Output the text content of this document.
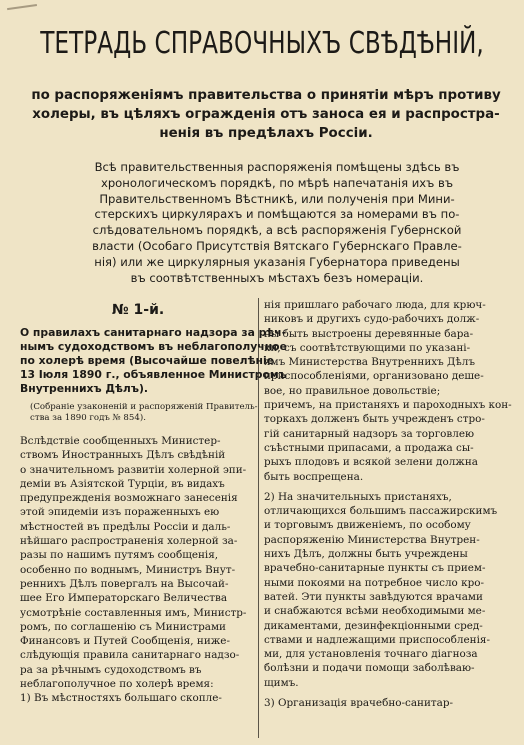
ТЕТРАДЬ СПРАВОЧНЫХЪ СВѢДѢНІЙ,
по распоряженіямъ правительства о принятіи мѣръ противу
холеры, въ цѣляхъ огражденія отъ заноса ея и распростра-
ненія въ предѣлахъ Россіи.
Всѣ правительственныя распоряженія помѣщены здѣсь въ
хронологическомъ порядкѣ, по мѣрѣ напечатанія ихъ въ
Правительственномъ Вѣстникѣ, или полученія при Мини-
стерскихъ циркулярахъ и помѣщаются за номерами въ по-
слѣдовательномъ порядкѣ, а всѣ распоряженія Губернской
власти (Особаго Присутствія Вятскаго Губернскаго Правле-
нія) или же циркулярныя указанія Губернатора приведены
въ соотвѣтственныхъ мѣстахъ безъ номераціи.
№ 1-й.
О правилахъ санитарнаго надзора за рѣч-
нымъ судоходствомъ въ неблагополучное
по холерѣ время (Высочайше повелѣніе
13 Іюля 1890 г., объявленное Министромъ
Внутреннихъ Дѣлъ).
(Собраніе узаконеній и распоряженій Правитель-
ства за 1890 годъ № 854).
Вслѣдствіе сообщенныхъ Министер-
ствомъ Иностранныхъ Дѣлъ свѣдѣній
о значительномъ развитіи холерной эпи-
деміи въ Азіятской Турціи, въ видахъ
предупрежденія возможнаго занесенія
этой эпидеміи изъ пораженныхъ ею
мѣстностей въ предѣлы Россіи и даль-
нѣйшаго распространенія холерной за-
разы по нашимъ путямъ сообщенія,
особенно по воднымъ, Министръ Внут-
реннихъ Дѣлъ повергалъ на Высочай-
шее Его Императорскаго Величества
усмотрѣніе составленныя имъ, Министр-
ромъ, по соглашенію съ Министрами
Финансовъ и Путей Сообщенія, нижe-
слѣдующія правила санитарнаго надзо-
ра за рѣчнымъ судоходствомъ въ
неблагополучное по холерѣ время:
1) Въ мѣстностяхъ большаго скопле-
нія пришлаго рабочаго люда, для крюч-
никовъ и другихъ судо-рабочихъ долж-
ны быть выстроены деревянные бара-
ки, съ соотвѣтствующими по указані-
ямъ Министерства Внутреннихъ Дѣлъ
приспособленіями, организовано деше-
вое, но правильное довольствіе;
причемъ, на пристаняхъ и пароходныхъ кон-
торкахъ долженъ быть учрежденъ стро-
гій санитарный надзоръ за торговлею
съѣстными припасами, а продажа сы-
рыхъ плодовъ и всякой зелени должна
быть воспрещена.
2) На значительныхъ пристаняхъ,
отличающихся большимъ пассажирскимъ
и торговымъ движеніемъ, по особому
распоряженію Министерства Внутрен-
нихъ Дѣлъ, должны быть учреждены
врачебно-санитарные пункты съ прием-
ными покоями на потребное число кро-
ватей. Эти пункты завѣдуются врачами
и снабжаются всѣми необходимыми ме-
дикаментами, дезинфекціонными сред-
ствами и надлежащими приспособленія-
ми, для установленія точнаго діагноза
болѣзни и подачи помощи заболѣваю-
щимъ.
3) Организація врачебно-санитар-
